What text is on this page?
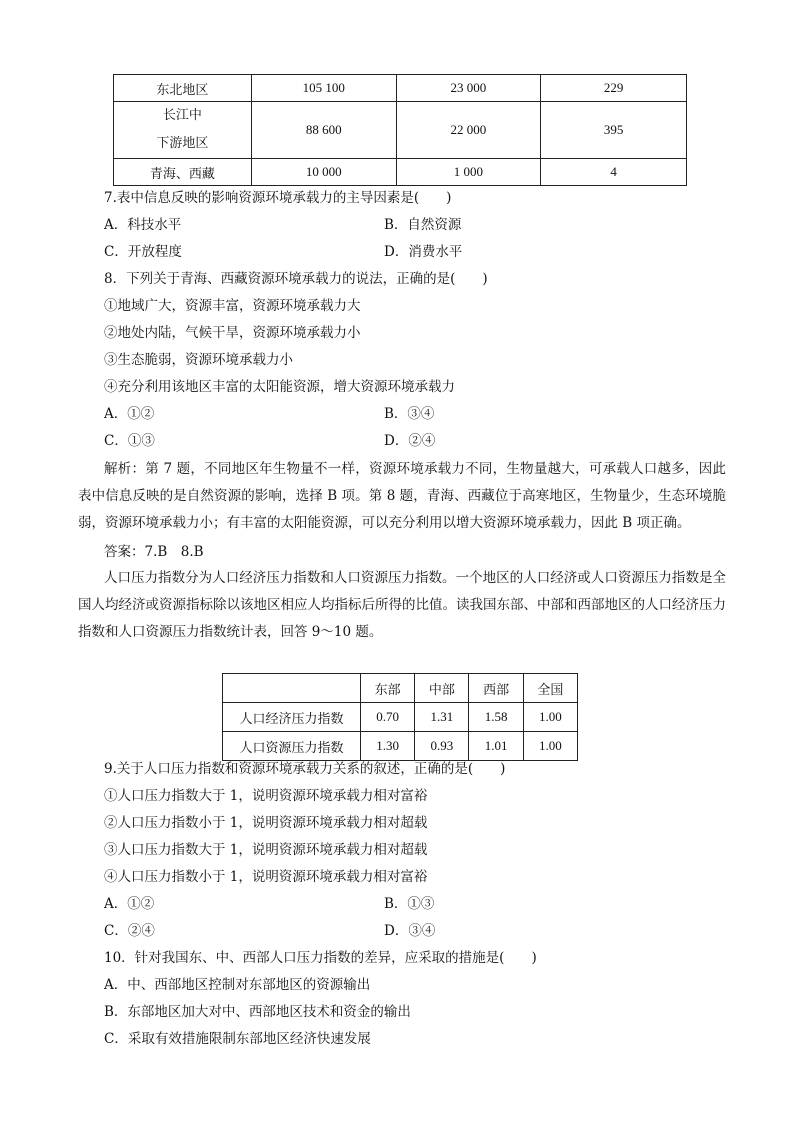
东北地区	105 100	23 000	229

长江中
下游地区	88 600	22 000	395
青海、西藏	10 000	1 000	4
7.表中信息反映的影响资源环境承载力的主导因素是(　　)
A．科技水平	B．自然资源
C．开放程度	D．消费水平
8．下列关于青海、西藏资源环境承载力的说法，正确的是(　　)
①地域广大，资源丰富，资源环境承载力大
②地处内陆，气候干旱，资源环境承载力小
③生态脆弱，资源环境承载力小
④充分利用该地区丰富的太阳能资源，增大资源环境承载力
A．①②	B．③④
C．①③	D．②④
解析：第 7 题，不同地区年生物量不一样，资源环境承载力不同，生物量越大，可承载人口越多，因此表中信息反映的是自然资源的影响，选择 B 项。第 8 题，青海、西藏位于高寒地区，生物量少，生态环境脆弱，资源环境承载力小；有丰富的太阳能资源，可以充分利用以增大资源环境承载力，因此 B 项正确。
答案：7.B　8.B
人口压力指数分为人口经济压力指数和人口资源压力指数。一个地区的人口经济或人口资源压力指数是全国人均经济或资源指标除以该地区相应人均指标后所得的比值。读我国东部、中部和西部地区的人口经济压力指数和人口资源压力指数统计表，回答 9～10 题。
	东部	中部	西部	全国
人口经济压力指数	0.70	1.31	1.58	1.00
人口资源压力指数	1.30	0.93	1.01	1.00
9.关于人口压力指数和资源环境承载力关系的叙述，正确的是(　　)
①人口压力指数大于 1，说明资源环境承载力相对富裕
②人口压力指数小于 1，说明资源环境承载力相对超载
③人口压力指数大于 1，说明资源环境承载力相对超载
④人口压力指数小于 1，说明资源环境承载力相对富裕
A．①②	B．①③
C．②④	D．③④
10．针对我国东、中、西部人口压力指数的差异，应采取的措施是(　　)
A．中、西部地区控制对东部地区的资源输出
B．东部地区加大对中、西部地区技术和资金的输出
C．采取有效措施限制东部地区经济快速发展
